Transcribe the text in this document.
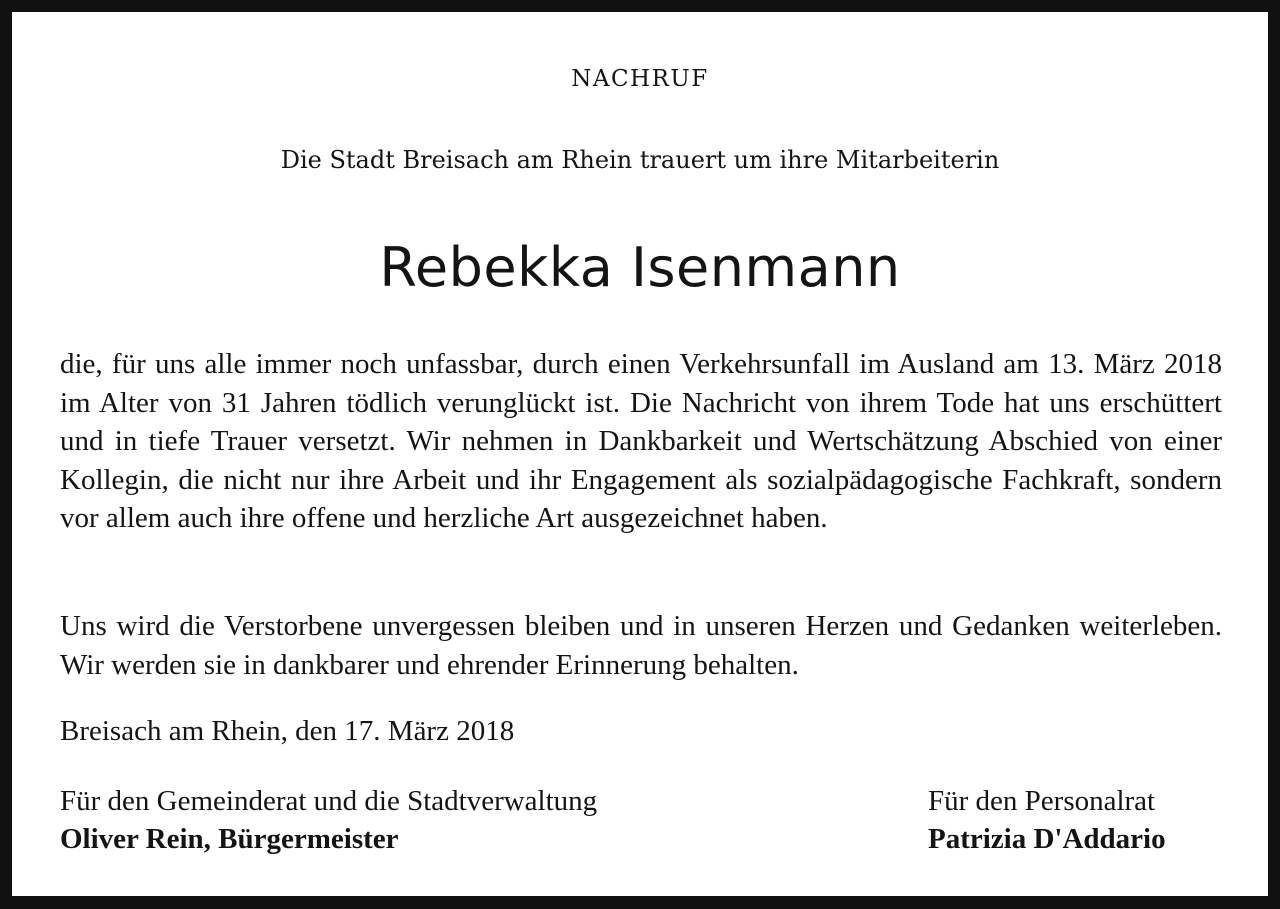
NACHRUF

Die Stadt Breisach am Rhein trauert um ihre Mitarbeiterin

Rebekka Isenmann

die, für uns alle immer noch unfassbar, durch einen Verkehrsunfall im Ausland am 13. März 2018 im Alter von 31 Jahren tödlich verunglückt ist. Die Nachricht von ihrem Tode hat uns erschüttert und in tiefe Trauer versetzt. Wir nehmen in Dankbarkeit und Wertschätzung Abschied von einer Kollegin, die nicht nur ihre Arbeit und ihr Engagement als sozialpädagogische Fachkraft, sondern vor allem auch ihre offene und herzliche Art ausgezeichnet haben.

Uns wird die Verstorbene unvergessen bleiben und in unseren Herzen und Gedanken weiterleben. Wir werden sie in dankbarer und ehrender Erinnerung behalten.

Breisach am Rhein, den 17. März 2018

Für den Gemeinderat und die Stadtverwaltung
Oliver Rein, Bürgermeister
Für den Personalrat
Patrizia D'Addario
